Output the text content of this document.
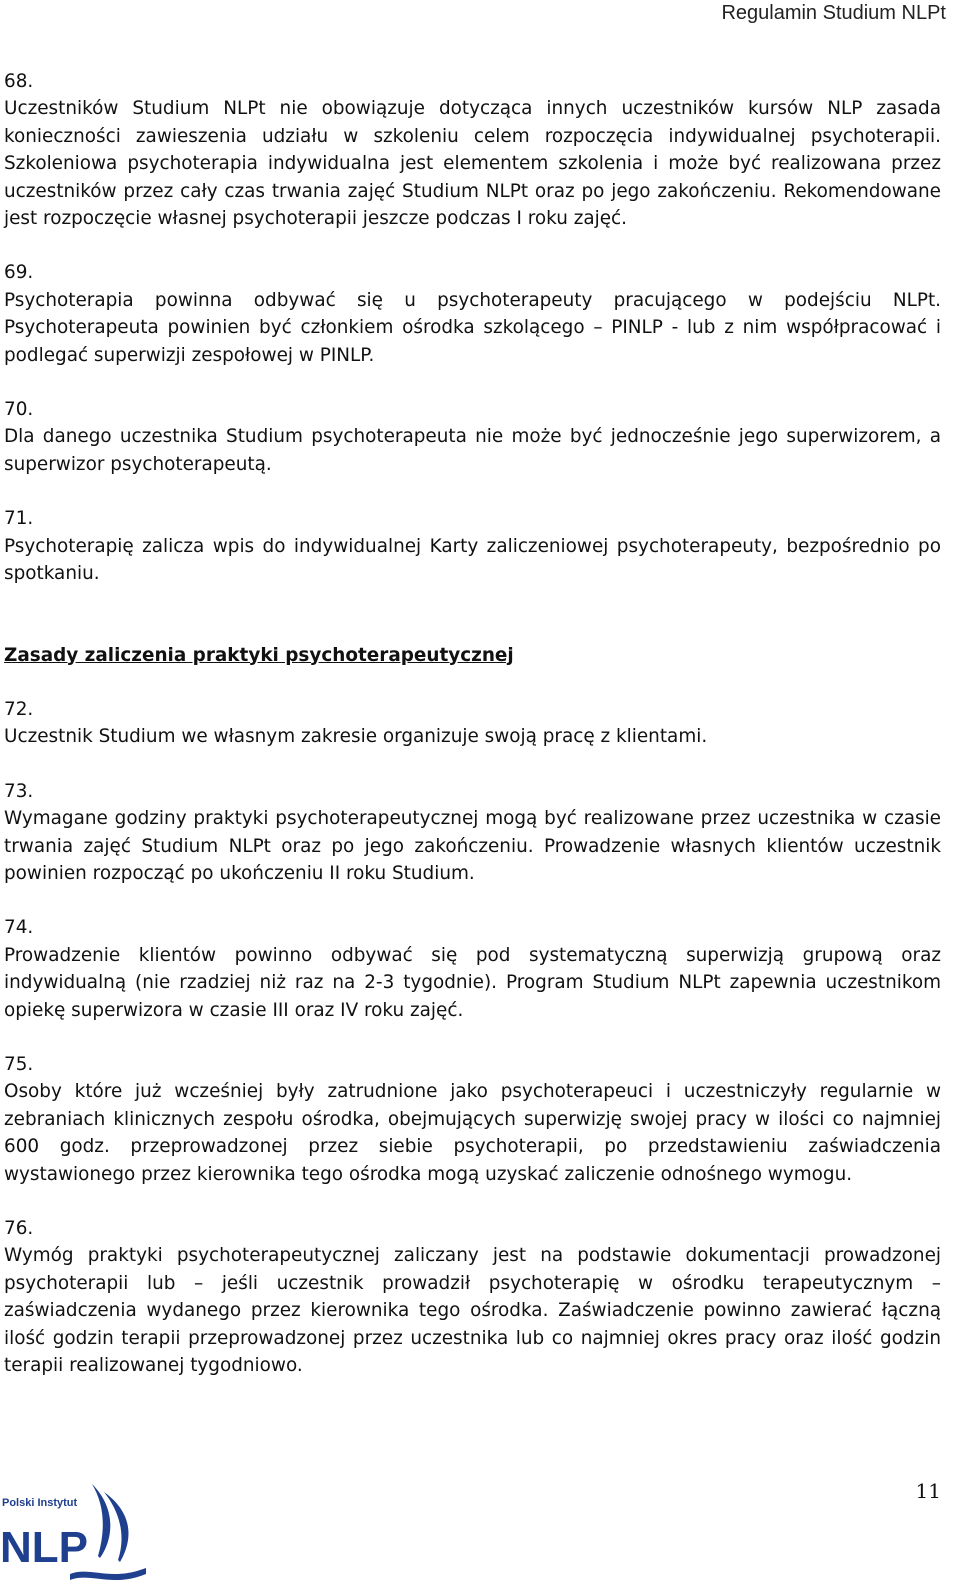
Regulamin Studium NLPt
68.
Uczestników Studium NLPt nie obowiązuje dotycząca innych uczestników kursów NLP zasada konieczności zawieszenia udziału w szkoleniu celem rozpoczęcia indywidualnej psychoterapii. Szkoleniowa psychoterapia indywidualna jest elementem szkolenia i może być realizowana przez uczestników przez cały czas trwania zajęć Studium NLPt oraz po jego zakończeniu. Rekomendowane jest rozpoczęcie własnej psychoterapii jeszcze podczas I roku zajęć.
69.
Psychoterapia powinna odbywać się u psychoterapeuty pracującego w podejściu NLPt. Psychoterapeuta powinien być członkiem ośrodka szkolącego – PINLP - lub z nim współpracować i podlegać superwizji zespołowej w PINLP.
70.
Dla danego uczestnika Studium psychoterapeuta nie może być jednocześnie jego superwizorem, a superwizor psychoterapeutą.
71.
Psychoterapię zalicza wpis do indywidualnej Karty zaliczeniowej psychoterapeuty, bezpośrednio po spotkaniu.
Zasady zaliczenia praktyki psychoterapeutycznej
72.
Uczestnik Studium we własnym zakresie organizuje swoją pracę z klientami.
73.
Wymagane godziny praktyki psychoterapeutycznej mogą być realizowane przez uczestnika w czasie trwania zajęć Studium NLPt oraz po jego zakończeniu. Prowadzenie własnych klientów uczestnik powinien rozpocząć po ukończeniu II roku Studium.
74.
Prowadzenie klientów powinno odbywać się pod systematyczną superwizją grupową oraz indywidualną (nie rzadziej niż raz na 2-3 tygodnie). Program Studium NLPt zapewnia uczestnikom opiekę superwizora w czasie III oraz IV roku zajęć.
75.
Osoby które już wcześniej były zatrudnione jako psychoterapeuci i uczestniczyły regularnie w zebraniach klinicznych zespołu ośrodka, obejmujących superwizję swojej pracy w ilości co najmniej 600 godz. przeprowadzonej przez siebie psychoterapii, po przedstawieniu zaświadczenia wystawionego przez kierownika tego ośrodka mogą uzyskać zaliczenie odnośnego wymogu.
76.
Wymóg praktyki psychoterapeutycznej zaliczany jest na podstawie dokumentacji prowadzonej psychoterapii lub – jeśli uczestnik prowadził psychoterapię w ośrodku terapeutycznym – zaświadczenia wydanego przez kierownika tego ośrodka. Zaświadczenie powinno zawierać łączną ilość godzin terapii przeprowadzonej przez uczestnika lub co najmniej okres pracy oraz ilość godzin terapii realizowanej tygodniowo.
Polski Instytut
NLP
11
